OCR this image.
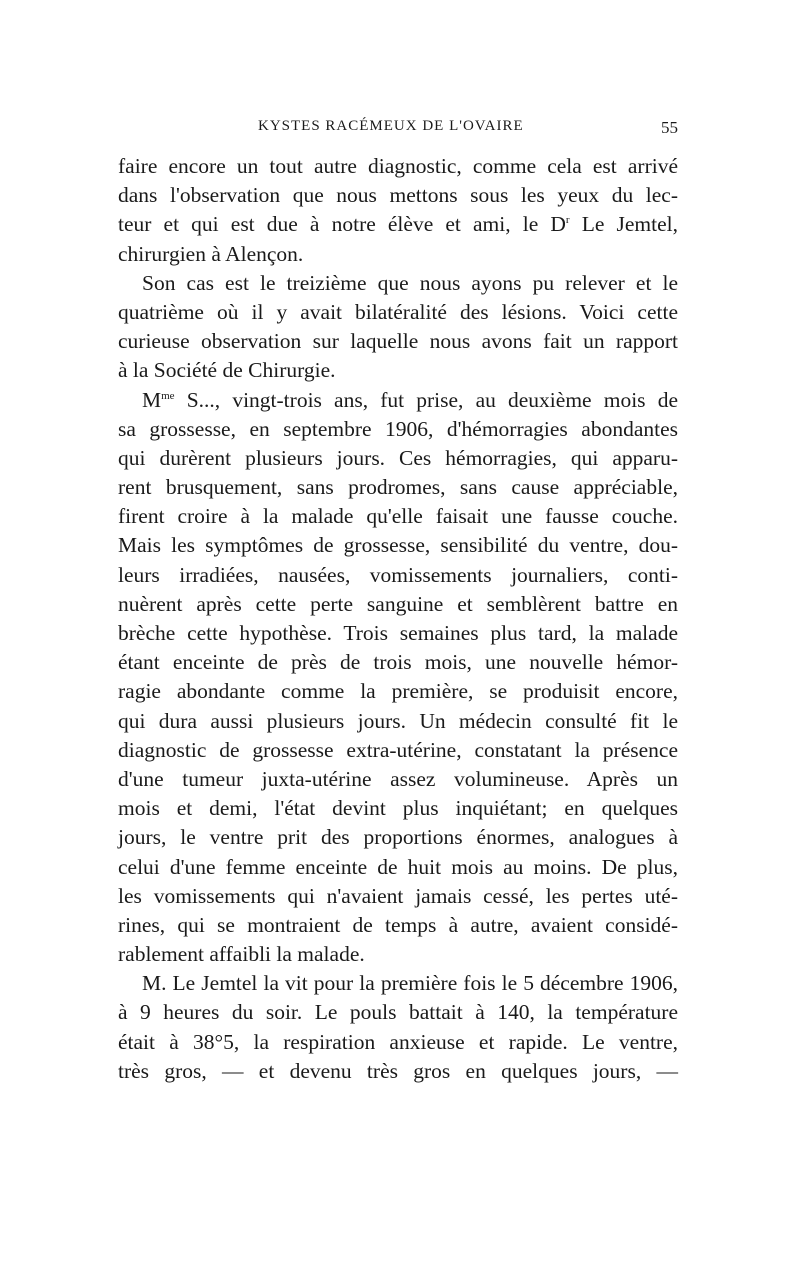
KYSTES RACÉMEUX DE L'OVAIRE	55
faire encore un tout autre diagnostic, comme cela est arrivé
dans l'observation que nous mettons sous les yeux du lec-
teur et qui est due à notre élève et ami, le $D^r$ Le Jemtel,
chirurgien à Alençon.
Son cas est le treizième que nous ayons pu relever et le
quatrième où il y avait bilatéralité des lésions. Voici cette
curieuse observation sur laquelle nous avons fait un rapport
à la Société de Chirurgie.
$M^{me}$ S..., vingt-trois ans, fut prise, au deuxième mois de
sa grossesse, en septembre 1906, d'hémorragies abondantes
qui durèrent plusieurs jours. Ces hémorragies, qui apparu-
rent brusquement, sans prodromes, sans cause appréciable,
firent croire à la malade qu'elle faisait une fausse couche.
Mais les symptômes de grossesse, sensibilité du ventre, dou-
leurs irradiées, nausées, vomissements journaliers, conti-
nuèrent après cette perte sanguine et semblèrent battre en
brèche cette hypothèse. Trois semaines plus tard, la malade
étant enceinte de près de trois mois, une nouvelle hémor-
ragie abondante comme la première, se produisit encore,
qui dura aussi plusieurs jours. Un médecin consulté fit le
diagnostic de grossesse extra-utérine, constatant la présence
d'une tumeur juxta-utérine assez volumineuse. Après un
mois et demi, l'état devint plus inquiétant; en quelques
jours, le ventre prit des proportions énormes, analogues à
celui d'une femme enceinte de huit mois au moins. De plus,
les vomissements qui n'avaient jamais cessé, les pertes uté-
rines, qui se montraient de temps à autre, avaient considé-
rablement affaibli la malade.
M. Le Jemtel la vit pour la première fois le 5 décembre 1906,
à 9 heures du soir. Le pouls battait à 140, la température
était à 38°5, la respiration anxieuse et rapide. Le ventre,
très gros, — et devenu très gros en quelques jours, —
